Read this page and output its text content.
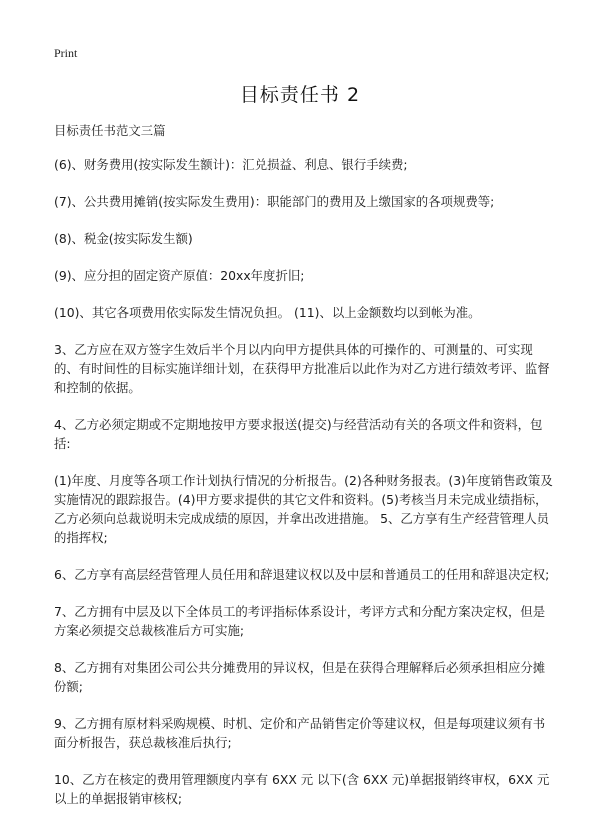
Print
目标责任书 2

目标责任书范文三篇

(6)、财务费用(按实际发生额计)：汇兑损益、利息、银行手续费;

(7)、公共费用摊销(按实际发生费用)：职能部门的费用及上缴国家的各项规费等;

(8)、税金(按实际发生额)

(9)、应分担的固定资产原值：20xx年度折旧;

(10)、其它各项费用依实际发生情况负担。 (11)、以上金额数均以到帐为准。

3、乙方应在双方签字生效后半个月以内向甲方提供具体的可操作的、可测量的、可实现的、有时间性的目标实施详细计划，在获得甲方批准后以此作为对乙方进行绩效考评、监督和控制的依据。

4、乙方必须定期或不定期地按甲方要求报送(提交)与经营活动有关的各项文件和资料，包括:

(1)年度、月度等各项工作计划执行情况的分析报告。(2)各种财务报表。(3)年度销售政策及实施情况的跟踪报告。(4)甲方要求提供的其它文件和资料。(5)考核当月未完成业绩指标，乙方必须向总裁说明未完成成绩的原因，并拿出改进措施。 5、乙方享有生产经营管理人员的指挥权;

6、乙方享有高层经营管理人员任用和辞退建议权以及中层和普通员工的任用和辞退决定权;

7、乙方拥有中层及以下全体员工的考评指标体系设计，考评方式和分配方案决定权，但是方案必须提交总裁核准后方可实施;

8、乙方拥有对集团公司公共分摊费用的异议权，但是在获得合理解释后必须承担相应分摊份额;

9、乙方拥有原材料采购规模、时机、定价和产品销售定价等建议权，但是每项建议须有书面分析报告，获总裁核准后执行;

10、乙方在核定的费用管理额度内享有 6XX 元 以下(含 6XX 元)单据报销终审权，6XX 元以上的单据报销审核权;
